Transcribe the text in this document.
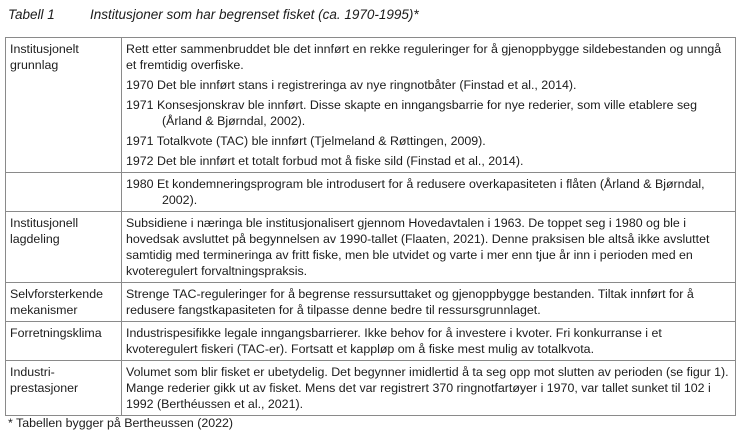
Tabell 1	Institusjoner som har begrenset fisket (ca. 1970-1995)*
Institusjonelt grunnlag	Rett etter sammenbruddet ble det innført en rekke reguleringer for å gjenoppbygge sildebestanden og unngå et fremtidig overfiske.

1970 Det ble innført stans i registreringa av nye ringnotbåter (Finstad et al., 2014).

1971 Konsesjonskrav ble innført. Disse skapte en inngangsbarrie for nye rederier, som ville etablere seg (Årland & Bjørndal, 2002).

1971 Totalkvote (TAC) ble innført (Tjelmeland & Røttingen, 2009).

1972 Det ble innført et totalt forbud mot å fiske sild (Finstad et al., 2014).

	1980 Et kondemneringsprogram ble introdusert for å redusere overkapasiteten i flåten (Årland & Bjørndal, 2002).

Institusjonell lagdeling	Subsidiene i næringa ble institusjonalisert gjennom Hovedavtalen i 1963. De toppet seg i 1980 og ble i hovedsak avsluttet på begynnelsen av 1990-tallet (Flaaten, 2021). Denne praksisen ble altså ikke avsluttet samtidig med termineringa av fritt fiske, men ble utvidet og varte i mer enn tjue år inn i perioden med en kvoteregulert forvaltningspraksis.

Selvforsterkende mekanismer	Strenge TAC-reguleringer for å begrense ressursuttaket og gjenoppbygge bestanden. Tiltak innført for å redusere fangstkapasiteten for å tilpasse denne bedre til ressursgrunnlaget.

Forretningsklima	Industrispesifikke legale inngangsbarrierer. Ikke behov for å investere i kvoter. Fri konkurranse i et kvoteregulert fiskeri (TAC-er). Fortsatt et kappløp om å fiske mest mulig av totalkvota.

Industri-prestasjoner	Volumet som blir fisket er ubetydelig. Det begynner imidlertid å ta seg opp mot slutten av perioden (se figur 1). Mange rederier gikk ut av fisket. Mens det var registrert 370 ringnotfartøyer i 1970, var tallet sunket til 102 i 1992 (Berthéussen et al., 2021).

* Tabellen bygger på Bertheussen (2022)
